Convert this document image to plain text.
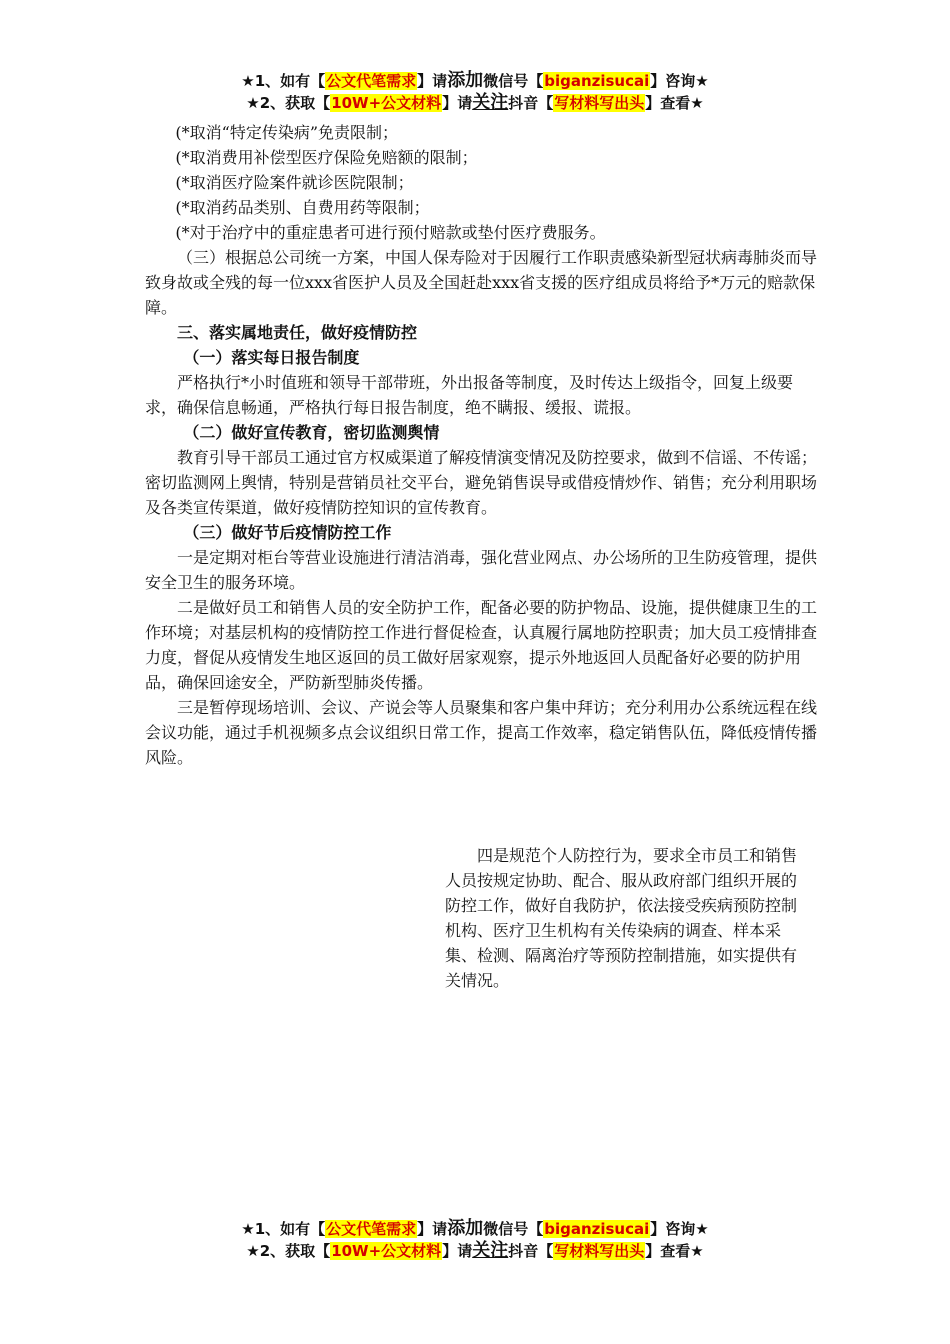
★1、如有【公文代笔需求】请添加微信号【biganzisucai】咨询★
★2、获取【10W+公文材料】请关注抖音【写材料写出头】查看★

(*取消“特定传染病”免责限制；

(*取消费用补偿型医疗保险免赔额的限制；

(*取消医疗险案件就诊医院限制；

(*取消药品类别、自费用药等限制；

(*对于治疗中的重症患者可进行预付赔款或垫付医疗费服务。

（三）根据总公司统一方案，中国人保寿险对于因履行工作职责感染新型冠状病毒肺炎而导致身故或全残的每一位xxx省医护人员及全国赶赴xxx省支援的医疗组成员将给予*万元的赔款保障。

三、落实属地责任，做好疫情防控
（一）落实每日报告制度

严格执行*小时值班和领导干部带班，外出报备等制度，及时传达上级指令，回复上级要求，确保信息畅通，严格执行每日报告制度，绝不瞒报、缓报、谎报。

（二）做好宣传教育，密切监测舆情

教育引导干部员工通过官方权威渠道了解疫情演变情况及防控要求，做到不信谣、不传谣；密切监测网上舆情，特别是营销员社交平台，避免销售误导或借疫情炒作、销售；充分利用职场及各类宣传渠道，做好疫情防控知识的宣传教育。

（三）做好节后疫情防控工作

一是定期对柜台等营业设施进行清洁消毒，强化营业网点、办公场所的卫生防疫管理，提供安全卫生的服务环境。

二是做好员工和销售人员的安全防护工作，配备必要的防护物品、设施，提供健康卫生的工作环境；对基层机构的疫情防控工作进行督促检查，认真履行属地防控职责；加大员工疫情排查力度，督促从疫情发生地区返回的员工做好居家观察，提示外地返回人员配备好必要的防护用品，确保回途安全，严防新型肺炎传播。

三是暂停现场培训、会议、产说会等人员聚集和客户集中拜访；充分利用办公系统远程在线会议功能，通过手机视频多点会议组织日常工作，提高工作效率，稳定销售队伍，降低疫情传播风险。

四是规范个人防控行为，要求全市员工和销售人员按规定协助、配合、服从政府部门组织开展的防控工作，做好自我防护，依法接受疾病预防控制机构、医疗卫生机构有关传染病的调查、样本采集、检测、隔离治疗等预防控制措施，如实提供有关情况。

★1、如有【公文代笔需求】请添加微信号【biganzisucai】咨询★
★2、获取【10W+公文材料】请关注抖音【写材料写出头】查看★
